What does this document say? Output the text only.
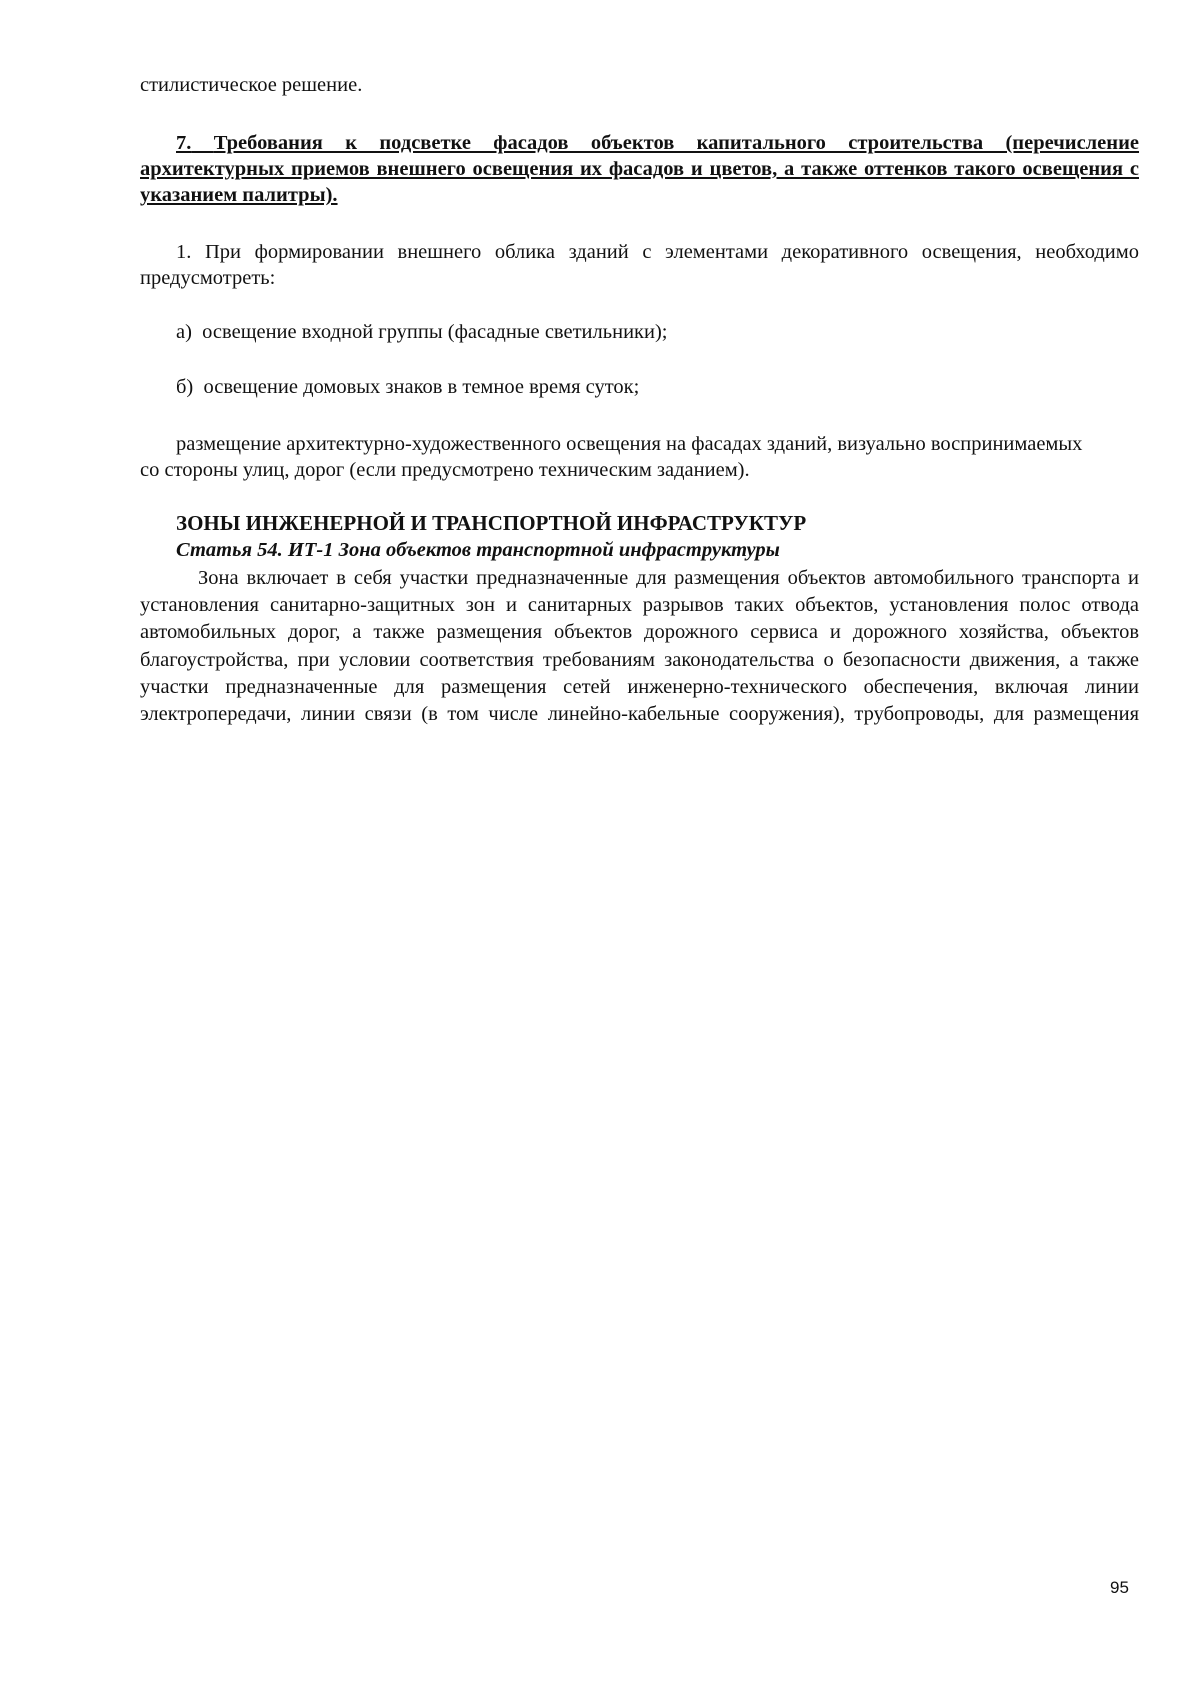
стилистическое решение.
7. Требования к подсветке фасадов объектов капитального строительства (перечисление архитектурных приемов внешнего освещения их фасадов и цветов, а также оттенков такого освещения с указанием палитры).
1. При формировании внешнего облика зданий с элементами декоративного освещения, необходимо предусмотреть:
а)  освещение входной группы (фасадные светильники);
б)  освещение домовых знаков в темное время суток;
размещение архитектурно-художественного освещения на фасадах зданий, визуально воспринимаемых со стороны улиц, дорог (если предусмотрено техническим заданием).
ЗОНЫ ИНЖЕНЕРНОЙ И ТРАНСПОРТНОЙ ИНФРАСТРУКТУР
Статья 54. ИТ-1 Зона объектов транспортной инфраструктуры
Зона включает в себя участки предназначенные для размещения объектов автомобильного транспорта и установления санитарно-защитных зон и санитарных разрывов таких объектов, установления полос отвода автомобильных дорог, а также размещения объектов дорожного сервиса и дорожного хозяйства, объектов благоустройства, при условии соответствия требованиям законодательства о безопасности движения, а также участки предназначенные для размещения сетей инженерно-технического обеспечения, включая линии электропередачи, линии связи (в том числе линейно-кабельные сооружения), трубопроводы, для размещения
95
